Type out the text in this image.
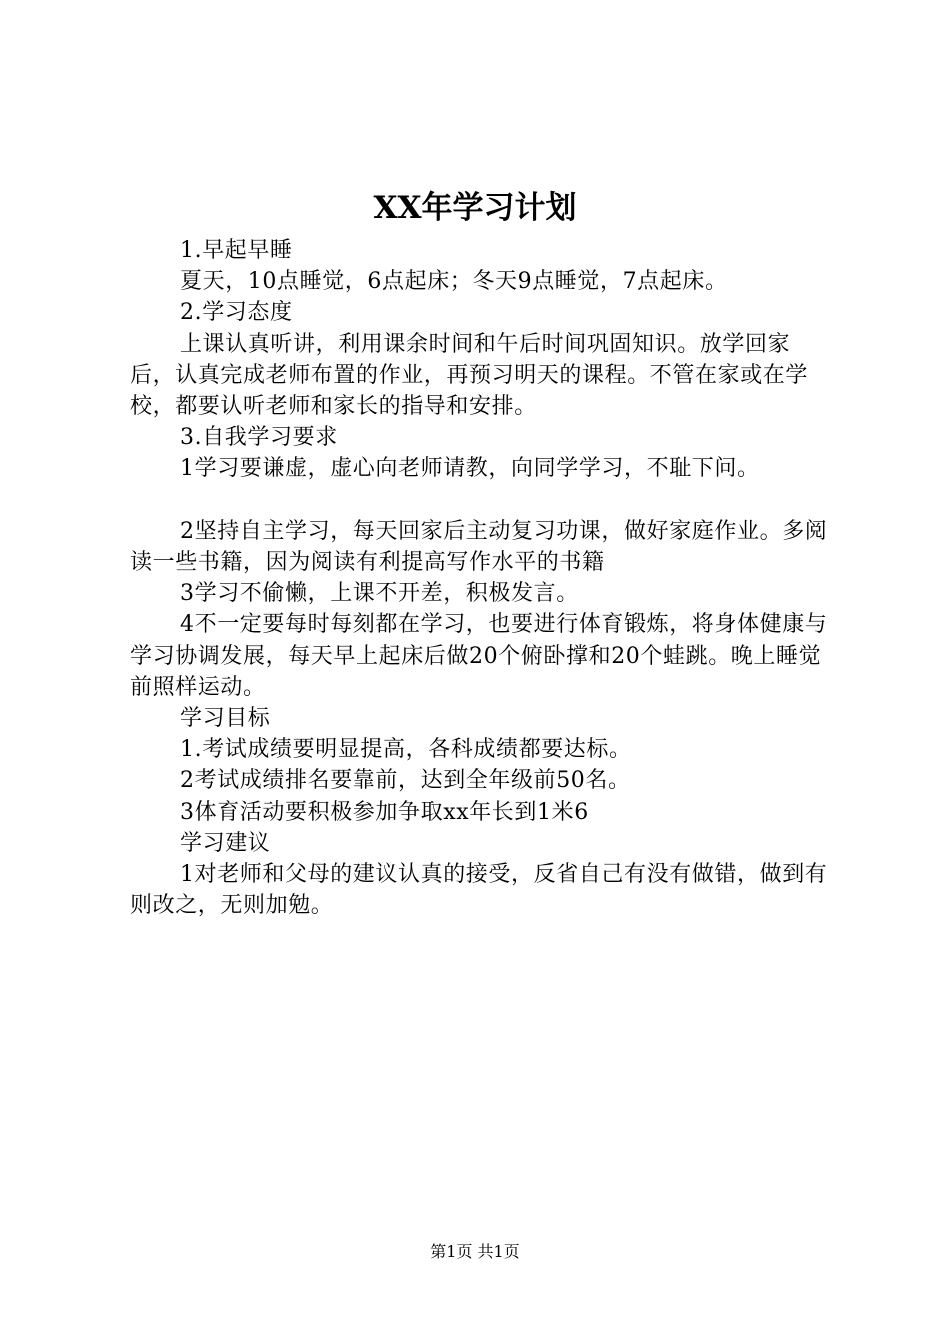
XX年学习计划

1.早起早睡

夏天，10点睡觉，6点起床；冬天9点睡觉，7点起床。

2.学习态度

上课认真听讲，利用课余时间和午后时间巩固知识。放学回家后，认真完成老师布置的作业，再预习明天的课程。不管在家或在学校，都要认听老师和家长的指导和安排。

3.自我学习要求

1学习要谦虚，虚心向老师请教，向同学学习，不耻下问。

2坚持自主学习，每天回家后主动复习功课，做好家庭作业。多阅读一些书籍，因为阅读有利提高写作水平的书籍

3学习不偷懒，上课不开差，积极发言。

4不一定要每时每刻都在学习，也要进行体育锻炼，将身体健康与学习协调发展，每天早上起床后做20个俯卧撑和20个蛙跳。晚上睡觉前照样运动。

学习目标

1.考试成绩要明显提高，各科成绩都要达标。

2考试成绩排名要靠前，达到全年级前50名。

3体育活动要积极参加争取xx年长到1米6

学习建议

1对老师和父母的建议认真的接受，反省自己有没有做错，做到有则改之，无则加勉。

第1页 共1页
